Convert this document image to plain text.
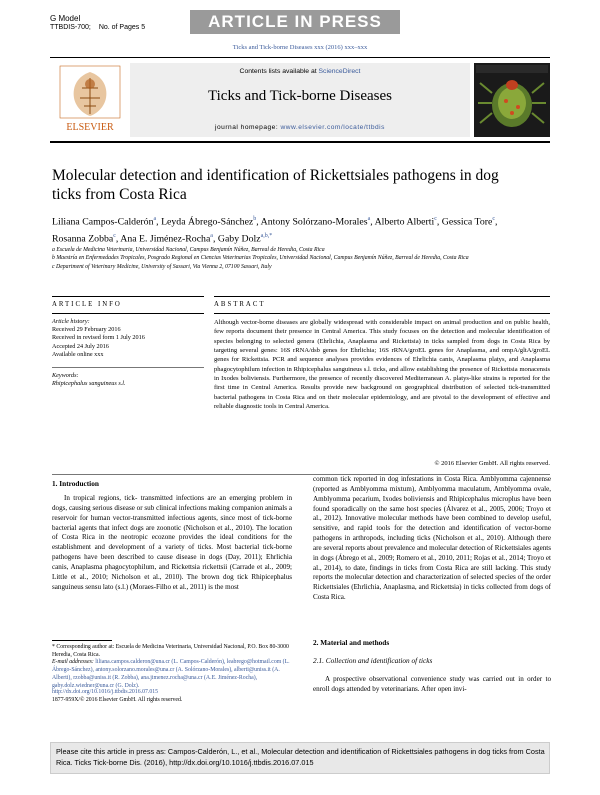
G Model
TTBDIS-700; No. of Pages 5	ARTICLE IN PRESS
Ticks and Tick-borne Diseases xxx (2016) xxx–xxx
ELSEVIER
Contents lists available at ScienceDirect
Ticks and Tick-borne Diseases
journal homepage: www.elsevier.com/locate/ttbdis
Molecular detection and identification of Rickettsiales pathogens in dog ticks from Costa Rica
Liliana Campos-Calderón$^a$, Leyda Ábrego-Sánchez$^b$, Antony Solórzano-Morales$^a$, Alberto Alberti$^c$, Gessica Tore$^c$, Rosanna Zobba$^c$, Ana E. Jiménez-Rocha$^a$, Gaby Dolz$^{a,b,*}$
a Escuela de Medicina Veterinaria, Universidad Nacional, Campus Benjamín Núñez, Barreal de Heredia, Costa Rica
b Maestría en Enfermedades Tropicales, Posgrado Regional en Ciencias Veterinarias Tropicales, Universidad Nacional, Campus Benjamín Núñez, Barreal de Heredia, Costa Rica
c Department of Veterinary Medicine, University of Sassari, Via Vienna 2, 07100 Sassari, Italy
ARTICLE INFO	ABSTRACT
Article history:
Received 29 February 2016
Received in revised form 1 July 2016
Accepted 24 July 2016
Available online xxx
Keywords:
Rhipicephalus sanguineus s.l.
Although vector-borne diseases are globally widespread with considerable impact on animal production and on public health, few reports document their presence in Central America. This study focuses on the detection and molecular identification of species belonging to selected genera (Ehrlichia, Anaplasma and Rickettsia) in ticks sampled from dogs in Costa Rica by targeting several genes: 16S rRNA/dsb genes for Ehrlichia; 16S rRNA/groEL genes for Anaplasma, and ompA/gltA/groEL genes for Rickettsia. PCR and sequence analyses provides evidences of Ehrlichia canis, Anaplasma platys, and Anaplasma phagocytophilum infection in Rhipicephalus sanguineus s.l. ticks, and allow establishing the presence of Rickettsia monacensis in Ixodes boliviensis. Furthermore, the presence of recently discovered Mediterranean A. platys-like strains is reported for the first time in Central America. Results provide new background on geographical distribution of selected tick-transmitted bacterial pathogens in Costa Rica and on their molecular epidemiology, and are pivotal to the development of effective and reliable diagnostic tools in Central America.
© 2016 Elsevier GmbH. All rights reserved.
1. Introduction
In tropical regions, tick- transmitted infections are an emerging problem in dogs, causing serious disease or sub clinical infections making companion animals a reservoir for human vector-transmitted infectious agents, since most of tick-borne bacterial agents that infect dogs are zoonotic (Nicholson et al., 2010). The location of Costa Rica in the neotropic ecozone provides the ideal conditions for the establishment and development of a variety of ticks. Most bacterial tick-borne pathogens have been described to cause disease in dogs (Day, 2011); Ehrlichia canis, Anaplasma phagocytophilum, and Rickettsia rickettsii (Carrade et al., 2009; Little et al., 2010; Nicholson et al., 2010). The brown dog tick Rhipicephalus sanguineus sensu lato (s.l.) (Moraes-Filho et al., 2011) is the most
common tick reported in dog infestations in Costa Rica. Amblyomma cajennense (reported as Amblyomma mixtum), Amblyomma maculatum, Amblyomma ovale, Amblyomma pecarium, Ixodes boliviensis and Rhipicephalus microplus have been found sporadically on the same host species (Álvarez et al., 2005, 2006; Troyo et al., 2012). Innovative molecular methods have been combined to develop useful, sensitive, and rapid tools for the detection and identification of vector-borne pathogens in arthropods, including ticks (Nicholson et al., 2010). Although there are several reports about prevalence and molecular detection of Rickettsiales agents in dogs (Ábrego et al., 2009; Romero et al., 2010, 2011; Rojas et al., 2014; Troyo et al., 2014), to date, findings in ticks from Costa Rica are still lacking. This study reports the molecular detection and characterization of selected species of the order Rickettsiales (Ehrlichia, Anaplasma, and Rickettsia) in ticks collected from dogs of Costa Rica.
2. Material and methods
2.1. Collection and identification of ticks
A prospective observational convenience study was carried out in order to enroll dogs attended by veterinarians. After open invi-
* Corresponding author at: Escuela de Medicina Veterinaria, Universidad Nacional, P.O. Box 80-3000 Heredia, Costa Rica.
E-mail addresses: liliana.campos.calderon@una.cr (L. Campos-Calderón), leabrego@hotmail.com (L. Ábrego-Sánchez), antony.solorzano.morales@una.cr (A. Solórzano-Morales), alberti@uniss.it (A. Alberti), rzobba@uniss.it (R. Zobba), ana.jimenez.rocha@una.cr (A.E. Jiménez-Rocha), gaby.dolz.wiedner@una.cr (G. Dolz).
http://dx.doi.org/10.1016/j.ttbdis.2016.07.015
1877-959X/© 2016 Elsevier GmbH. All rights reserved.
Please cite this article in press as: Campos-Calderón, L., et al., Molecular detection and identification of Rickettsiales pathogens in dog ticks from Costa Rica. Ticks Tick-borne Dis. (2016), http://dx.doi.org/10.1016/j.ttbdis.2016.07.015
